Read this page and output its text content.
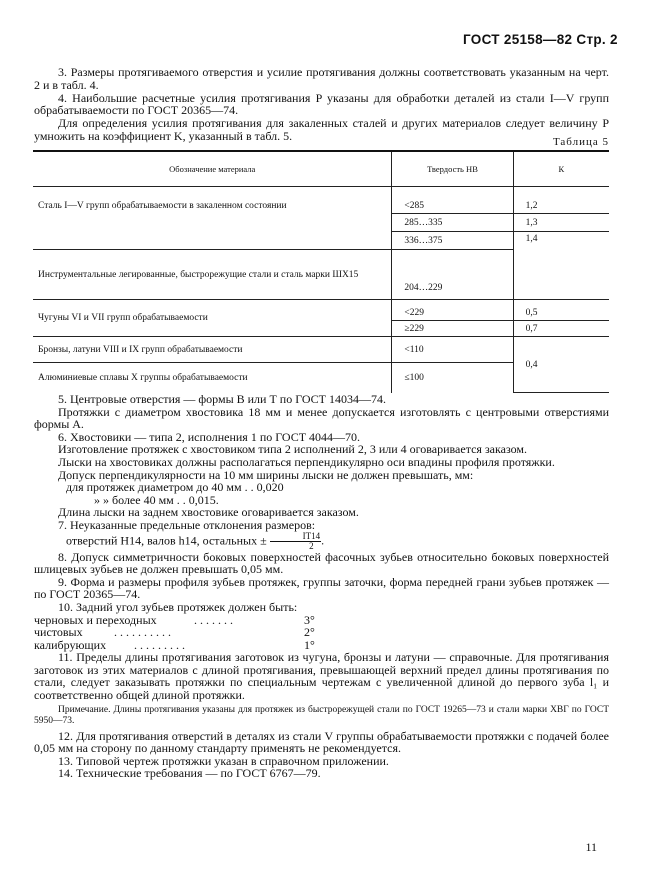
ГОСТ 25158—82 Стр. 2

3. Размеры протягиваемого отверстия и усилие протягивания должны соответствовать указанным на черт. 2 и в табл. 4.

4. Наибольшие расчетные усилия протягивания P указаны для обработки деталей из стали I—V групп обрабатываемости по ГОСТ 20365—74.

Для определения усилия протягивания для закаленных сталей и других материалов следует величину P умножить на коэффициент K, указанный в табл. 5.	Таблица 5
Обозначение материала	Твердость НВ	К
Сталь I—V групп обрабатываемости в закаленном состоянии	<285	1,2
	285…335	1,3
	336…375	1,4
Инструментальные легированные, быстрорежущие стали и сталь марки ШХ15	204…229	
Чугуны VI и VII групп обрабатываемости	<229	0,5
	≥229	0,7
Бронзы, латуни VIII и IX групп обрабатываемости	<110	0,4
Алюминиевые сплавы X группы обрабатываемости	≤100	

5. Центровые отверстия — формы В или Т по ГОСТ 14034—74.

Протяжки с диаметром хвостовика 18 мм и менее допускается изготовлять с центровыми отверстиями формы А.

6. Хвостовики — типа 2, исполнения 1 по ГОСТ 4044—70.

Изготовление протяжек с хвостовиком типа 2 исполнений 2, 3 или 4 оговаривается заказом.

Лыски на хвостовиках должны располагаться перпендикулярно оси впадины профиля протяжки.

Допуск перпендикулярности на 10 мм ширины лыски не должен превышать, мм:

для протяжек диаметром до 40 мм . . 0,020

» » более 40 мм . . 0,015.

Длина лыски на заднем хвостовике оговаривается заказом.

7. Неуказанные предельные отклонения размеров:

отверстий Н14, валов h14, остальных ± $\frac{IT14}{2}$ .

8. Допуск симметричности боковых поверхностей фасочных зубьев относительно боковых поверхностей шлицевых зубьев не должен превышать 0,05 мм.

9. Форма и размеры профиля зубьев протяжек, группы заточки, форма передней грани зубьев протяжек — по ГОСТ 20365—74.

10. Задний угол зубьев протяжек должен быть:

черновых и переходных	. . . . . . .	3°
чистовых	. . . . . . . . . .	2°
калибрующих	. . . . . . . . .	1°

11. Пределы длины протягивания заготовок из чугуна, бронзы и латуни — справочные. Для протягивания заготовок из этих материалов с длиной протягивания, превышающей верхний предел длины протягивания по стали, следует заказывать протяжки по специальным чертежам с увеличенной длиной до первого зуба l₁ и соответственно общей длиной протяжки.

Примечание. Длины протягивания указаны для протяжек из быстрорежущей стали по ГОСТ 19265—73 и стали марки ХВГ по ГОСТ 5950—73.

12. Для протягивания отверстий в деталях из стали V группы обрабатываемости протяжки с подачей более 0,05 мм на сторону по данному стандарту применять не рекомендуется.

13. Типовой чертеж протяжки указан в справочном приложении.

14. Технические требования — по ГОСТ 6767—79.

11
